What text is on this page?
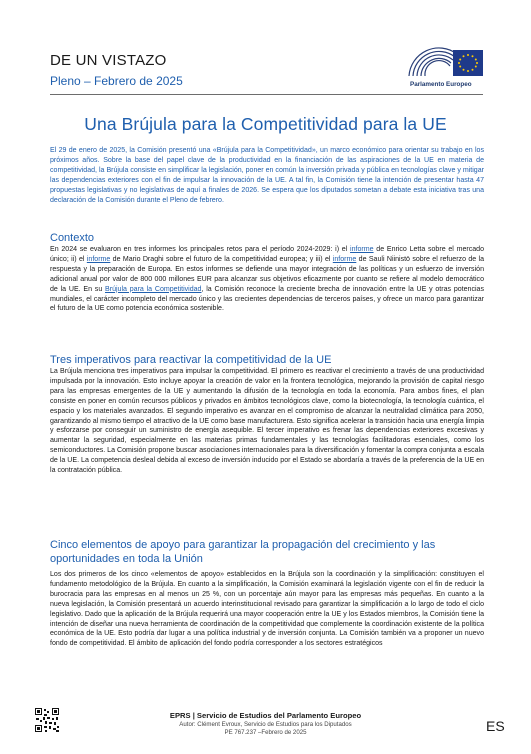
DE UN VISTAZO
Pleno – Febrero de 2025	Parlamento Europeo
Una Brújula para la Competitividad para la UE

El 29 de enero de 2025, la Comisión presentó una «Brújula para la Competitividad», un marco económico para orientar su trabajo en los próximos años. Sobre la base del papel clave de la productividad en la financiación de las aspiraciones de la UE en materia de competitividad, la Brújula consiste en simplificar la legislación, poner en común la inversión privada y pública en tecnologías clave y mitigar las dependencias exteriores con el fin de impulsar la innovación de la UE. A tal fin, la Comisión tiene la intención de presentar hasta 47 propuestas legislativas y no legislativas de aquí a finales de 2026. Se espera que los diputados sometan a debate esta iniciativa tras una declaración de la Comisión durante el Pleno de febrero.

Contexto

En 2024 se evaluaron en tres informes los principales retos para el período 2024-2029: i) el informe de Enrico Letta sobre el mercado único; ii) el informe de Mario Draghi sobre el futuro de la competitividad europea; y iii) el informe de Sauli Niinistö sobre el refuerzo de la respuesta y la preparación de Europa. En estos informes se defiende una mayor integración de las políticas y un esfuerzo de inversión adicional anual por valor de 800 000 millones EUR para alcanzar sus objetivos eficazmente por cuanto se refiere al modelo democrático de la UE. En su Brújula para la Competitividad, la Comisión reconoce la creciente brecha de innovación entre la UE y otras potencias mundiales, el carácter incompleto del mercado único y las crecientes dependencias de terceros países, y ofrece un marco para garantizar el futuro de la UE como potencia económica sostenible.

Tres imperativos para reactivar la competitividad de la UE

La Brújula menciona tres imperativos para impulsar la competitividad. El primero es reactivar el crecimiento a través de una productividad impulsada por la innovación. Esto incluye apoyar la creación de valor en la frontera tecnológica, mejorando la provisión de capital riesgo para las empresas emergentes de la UE y aumentando la difusión de la tecnología en toda la economía. Para ambos fines, el plan consiste en poner en común recursos públicos y privados en ámbitos tecnológicos clave, como la biotecnología, la tecnología cuántica, el espacio y los materiales avanzados. El segundo imperativo es avanzar en el compromiso de alcanzar la neutralidad climática para 2050, garantizando al mismo tiempo el atractivo de la UE como base manufacturera. Esto significa acelerar la transición hacia una energía limpia y esforzarse por conseguir un suministro de energía asequible. El tercer imperativo es frenar las dependencias exteriores excesivas y aumentar la seguridad, especialmente en las materias primas fundamentales y las tecnologías facilitadoras esenciales, como los semiconductores. La Comisión propone buscar asociaciones internacionales para la diversificación y fomentar la compra conjunta a escala de la UE. La competencia desleal debida al exceso de inversión inducido por el Estado se abordaría a través de la preferencia de la UE en la contratación pública.

Cinco elementos de apoyo para garantizar la propagación del crecimiento y las oportunidades en toda la Unión

Los dos primeros de los cinco «elementos de apoyo» establecidos en la Brújula son la coordinación y la simplificación: constituyen el fundamento metodológico de la Brújula. En cuanto a la simplificación, la Comisión examinará la legislación vigente con el fin de reducir la burocracia para las empresas en al menos un 25 %, con un porcentaje aún mayor para las empresas más pequeñas. En cuanto a la nueva legislación, la Comisión presentará un acuerdo interinstitucional revisado para garantizar la simplificación a lo largo de todo el ciclo legislativo. Dado que la aplicación de la Brújula requerirá una mayor cooperación entre la UE y los Estados miembros, la Comisión tiene la intención de diseñar una nueva herramienta de coordinación de la competitividad que complemente la coordinación existente de la política económica de la UE. Esto podría dar lugar a una política industrial y de inversión conjunta. La Comisión también va a proponer un nuevo fondo de competitividad. El ámbito de aplicación del fondo podría corresponder a los sectores estratégicos

EPRS | Servicio de Estudios del Parlamento Europeo
Autor: Clément Evroux, Servicio de Estudios para los Diputados
PE 767.237 –Febrero de 2025	ES
